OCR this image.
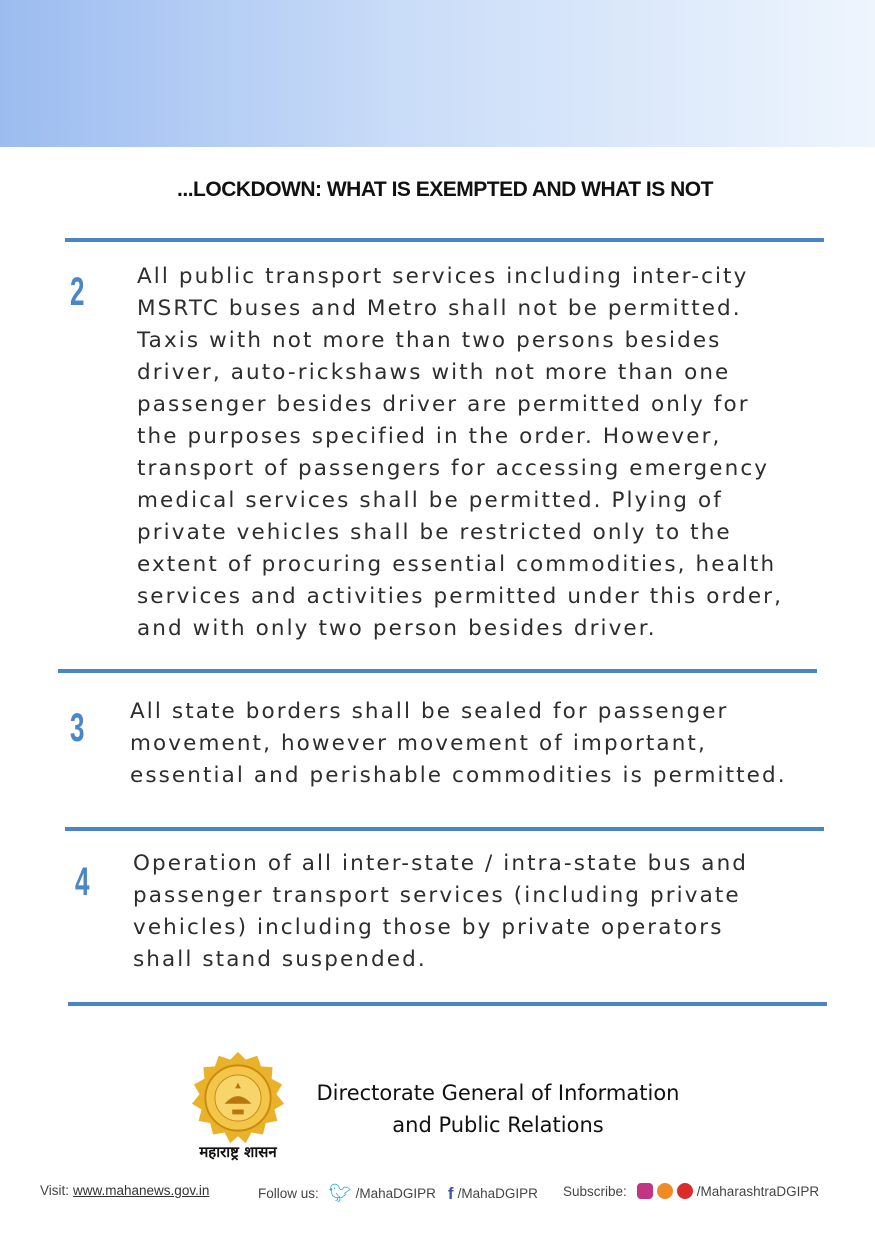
...LOCKDOWN: WHAT IS EXEMPTED AND WHAT IS NOT
2 All public transport services including inter-city
MSRTC buses and Metro shall not be permitted.
Taxis with not more than two persons besides
driver, auto-rickshaws with not more than one
passenger besides driver are permitted only for
the purposes specified in the order. However,
transport of passengers for accessing emergency
medical services shall be permitted. Plying of
private vehicles shall be restricted only to the
extent of procuring essential commodities, health
services and activities permitted under this order,
and with only two person besides driver.
3 All state borders shall be sealed for passenger
movement, however movement of important,
essential and perishable commodities is permitted.
4 Operation of all inter-state / intra-state bus and
passenger transport services (including private
vehicles) including those by private operators
shall stand suspended.
महाराष्ट्र शासन
Directorate General of Information
and Public Relations
Visit: www.mahanews.gov.in	Follow us: 🐦︎ /MahaDGIPR f /MahaDGIPR Subscribe:	/MaharashtraDGIPR
